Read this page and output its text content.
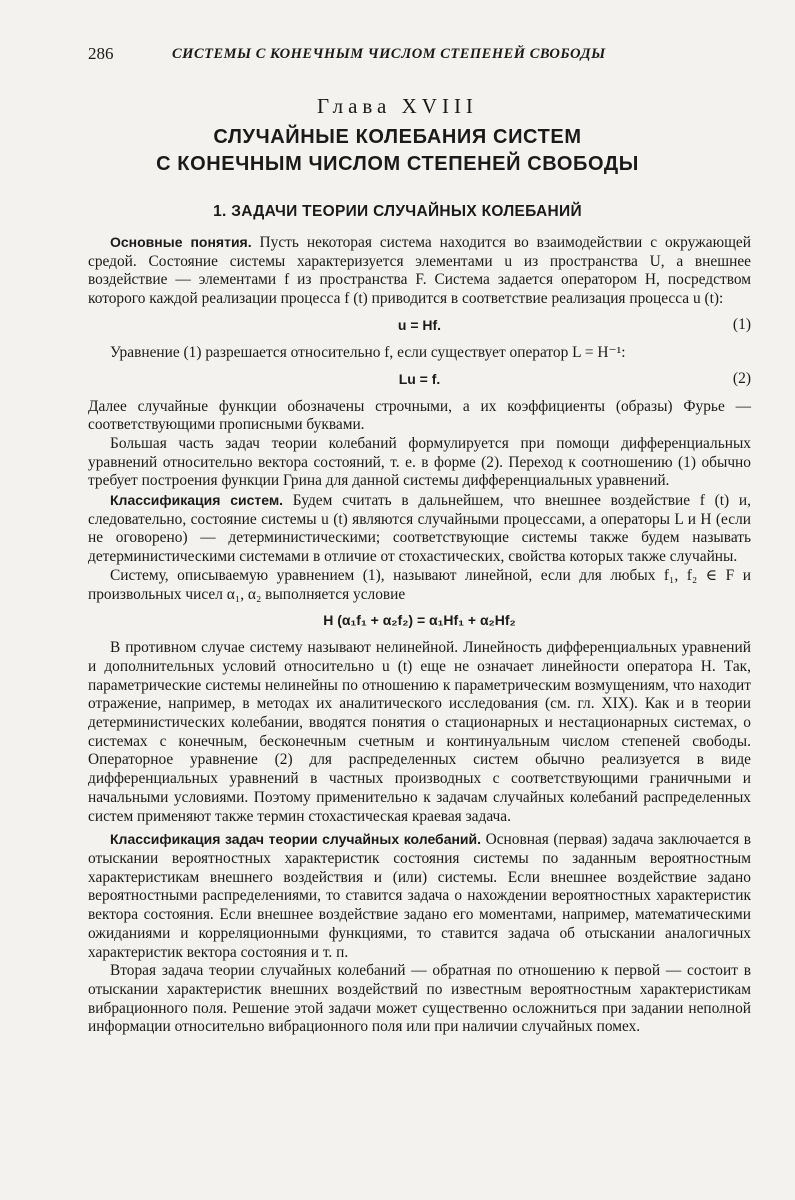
286	СИСТЕМЫ С КОНЕЧНЫМ ЧИСЛОМ СТЕПЕНЕЙ СВОБОДЫ
Глава XVIII
СЛУЧАЙНЫЕ КОЛЕБАНИЯ СИСТЕМ
С КОНЕЧНЫМ ЧИСЛОМ СТЕПЕНЕЙ СВОБОДЫ
1. ЗАДАЧИ ТЕОРИИ СЛУЧАЙНЫХ КОЛЕБАНИЙ

Основные понятия. Пусть некоторая система находится во взаимодействии с окружающей средой. Состояние системы характеризуется элементами u из пространства U, а внешнее воздействие — элементами f из пространства F. Система задается оператором H, посредством которого каждой реализации процесса f (t) приводится в соответствие реализация процесса u (t):

u = Hf.	(1)

Уравнение (1) разрешается относительно f, если существует оператор L = H⁻¹:

Lu = f.	(2)

Далее случайные функции обозначены строчными, а их коэффициенты (образы) Фурье — соответствующими прописными буквами.

Большая часть задач теории колебаний формулируется при помощи дифференциальных уравнений относительно вектора состояний, т. е. в форме (2). Переход к соотношению (1) обычно требует построения функции Грина для данной системы дифференциальных уравнений.

Классификация систем. Будем считать в дальнейшем, что внешнее воздействие f (t) и, следовательно, состояние системы u (t) являются случайными процессами, а операторы L и H (если не оговорено) — детерминистическими; соответствующие системы также будем называть детерминистическими системами в отличие от стохастических, свойства которых также случайны.

Систему, описываемую уравнением (1), называют линейной, если для любых f₁, f₂ ∈ F и произвольных чисел α₁, α₂ выполняется условие

H (α₁f₁ + α₂f₂) = α₁Hf₁ + α₂Hf₂

В противном случае систему называют нелинейной. Линейность дифференциальных уравнений и дополнительных условий относительно u (t) еще не означает линейности оператора H. Так, параметрические системы нелинейны по отношению к параметрическим возмущениям, что находит отражение, например, в методах их аналитического исследования (см. гл. XIX). Как и в теории детерминистических колебании, вводятся понятия о стационарных и нестационарных системах, о системах с конечным, бесконечным счетным и континуальным числом степеней свободы. Операторное уравнение (2) для распределенных систем обычно реализуется в виде дифференциальных уравнений в частных производных с соответствующими граничными и начальными условиями. Поэтому применительно к задачам случайных колебаний распределенных систем применяют также термин стохастическая краевая задача.

Классификация задач теории случайных колебаний. Основная (первая) задача заключается в отыскании вероятностных характеристик состояния системы по заданным вероятностным характеристикам внешнего воздействия и (или) системы. Если внешнее воздействие задано вероятностными распределениями, то ставится задача о нахождении вероятностных характеристик вектора состояния. Если внешнее воздействие задано его моментами, например, математическими ожиданиями и корреляционными функциями, то ставится задача об отыскании аналогичных характеристик вектора состояния и т. п.

Вторая задача теории случайных колебаний — обратная по отношению к первой — состоит в отыскании характеристик внешних воздействий по известным вероятностным характеристикам вибрационного поля. Решение этой задачи может существенно осложниться при задании неполной информации относительно вибрационного поля или при наличии случайных помех.
